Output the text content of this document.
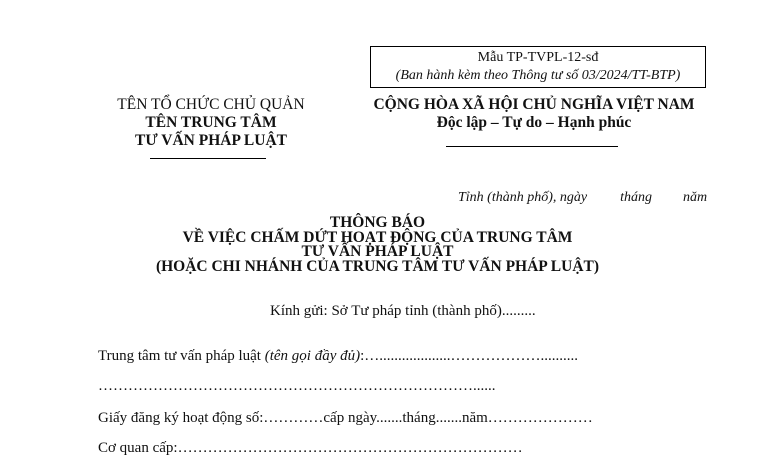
Mẫu TP-TVPL-12-sđ
(Ban hành kèm theo Thông tư số 03/2024/TT-BTP)
TÊN TỔ CHỨC CHỦ QUẢN
TÊN TRUNG TÂM
TƯ VẤN PHÁP LUẬT
CỘNG HÒA XÃ HỘI CHỦ NGHĨA VIỆT NAM
Độc lập – Tự do – Hạnh phúc
Tỉnh (thành phố), ngày tháng năm
THÔNG BÁO
VỀ VIỆC CHẤM DỨT HOẠT ĐỘNG CỦA TRUNG TÂM
TƯ VẤN PHÁP LUẬT
(HOẶC CHI NHÁNH CỦA TRUNG TÂM TƯ VẤN PHÁP LUẬT)
Kính gửi: Sở Tư pháp tỉnh (thành phố).........
Trung tâm tư vấn pháp luật (tên gọi đầy đủ):…...................………………..........
…………………………………………………………………......
Giấy đăng ký hoạt động số:…………cấp ngày.......tháng.......năm…………………
Cơ quan cấp:……………………………………………………………
